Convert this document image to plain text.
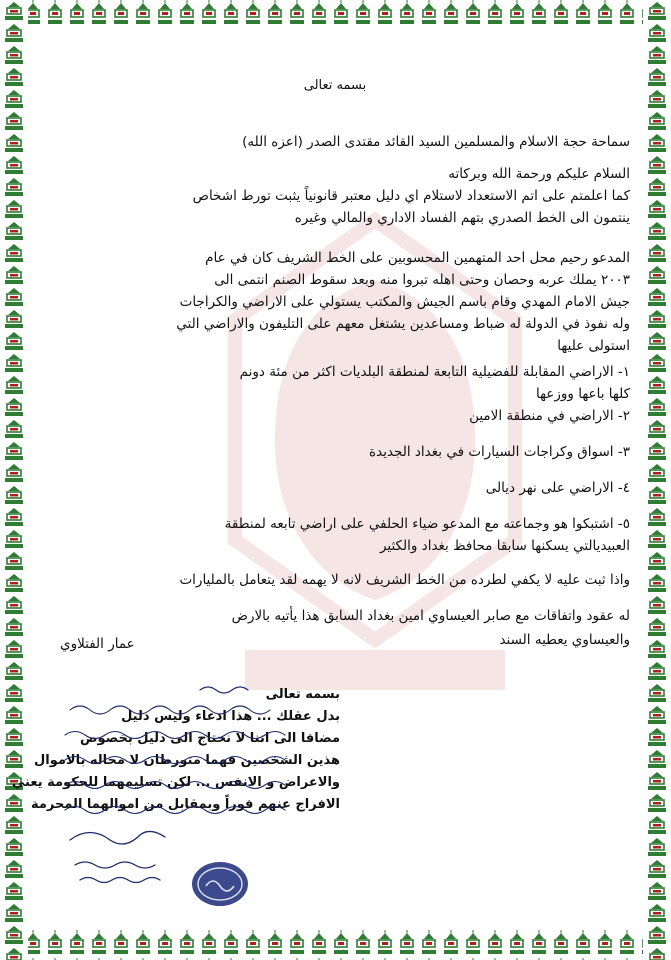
بسمه تعالى
سماحة حجة الاسلام والمسلمين السيد القائد مقتدى الصدر (اعزه الله)
السلام عليكم ورحمة الله وبركاته
كما اعلمتم على اتم الاستعداد لاستلام اي دليل معتبر قانونياً يثبت تورط اشخاص
ينتمون الى الخط الصدري بتهم الفساد الاداري والمالي وغيره
المدعو رحيم محل احد المتهمين المحسوبين على الخط الشريف كان في عام
٢٠٠٣ يملك عربه وحصان وحتى اهله تبروا منه وبعد سقوط الصنم انتمى الى
جيش الامام المهدي وقام باسم الجيش والمكتب يستولي على الاراضي والكراجات
وله نفوذ في الدولة له ضباط ومساعدين يشتغل معهم على التليفون والاراضي التي
استولى عليها
١- الاراضي المقابلة للفضيلية التابعة لمنطقة البلديات اكثر من مئة دونم
كلها باعها ووزعها
٢- الاراضي في منطقة الامين
٣- اسواق وكراجات السيارات في بغداد الجديدة
٤- الاراضي على نهر ديالى
٥- اشتبكوا هو وجماعته مع المدعو ضياء الحلفي على اراضي تابعه لمنطقة
العبيديالتي يسكنها سابقا محافظ بغداد والكثير
واذا ثبت عليه لا يكفي لطرده من الخط الشريف لانه لا يهمه لقد يتعامل بالمليارات
له عقود واتفاقات مع صابر العيساوي امين بغداد السابق هذا يأتيه بالارض
والعيساوي يعطيه السند
عمار الفتلاوي
بسمه تعالى
بدل عقلك ... هذا ادعاء وليس دليل
مضافا الى اننا لا نحتاج الى دليل بخصوص
هذين الشخصين فهما متورطان لا محاله بالاموال
والاعراض و الانفس ... لكن تسليمهما للحكومة يعني
الافراج عنهم فوراً وبمقابل من اموالهما المحرمة
